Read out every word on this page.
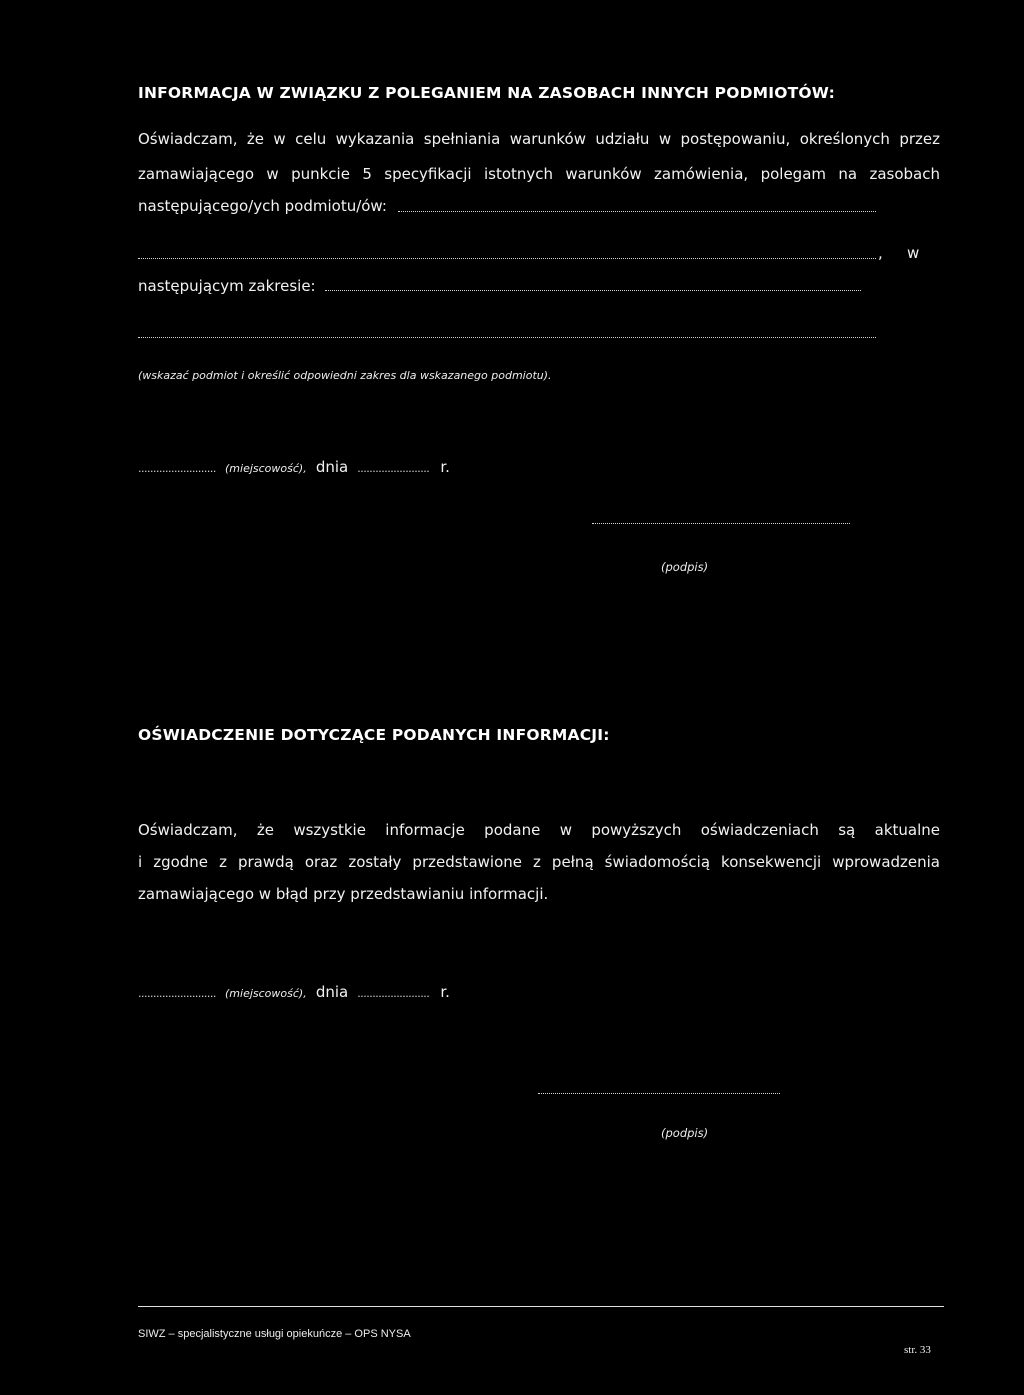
INFORMACJA W ZWIĄZKU Z POLEGANIEM NA ZASOBACH INNYCH PODMIOTÓW:
Oświadczam, że w celu wykazania spełniania warunków udziału w postępowaniu, określonych przez
zamawiającego w punkcie 5 specyfikacji istotnych warunków zamówienia, polegam na zasobach
następującego/ych podmiotu/ów:
, w
następującym zakresie:
(wskazać podmiot i określić odpowiedni zakres dla wskazanego podmiotu).
.......................... (miejscowość), dnia ........................ r.
(podpis)
OŚWIADCZENIE DOTYCZĄCE PODANYCH INFORMACJI:
Oświadczam, że wszystkie informacje podane w powyższych oświadczeniach są aktualne
i zgodne z prawdą oraz zostały przedstawione z pełną świadomością konsekwencji wprowadzenia
zamawiającego w błąd przy przedstawianiu informacji.
.......................... (miejscowość), dnia ........................ r.
(podpis)
SIWZ – specjalistyczne usługi opiekuńcze – OPS NYSA
str. 33
